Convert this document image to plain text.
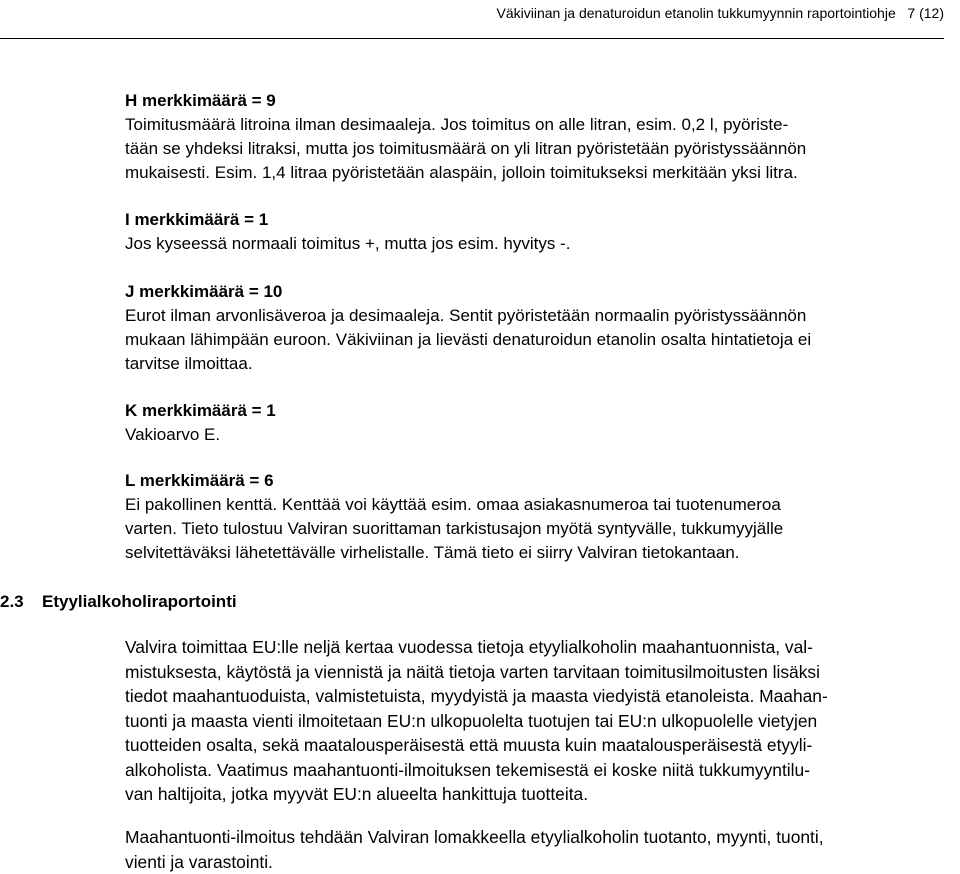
Väkiviinan ja denaturoidun etanolin tukkumyynnin raportointiohje 7 (12)

H merkkimäärä = 9

Toimitusmäärä litroina ilman desimaaleja. Jos toimitus on alle litran, esim. 0,2 l, pyöriste-
tään se yhdeksi litraksi, mutta jos toimitusmäärä on yli litran pyöristetään pyöristyssäännön
mukaisesti. Esim. 1,4 litraa pyöristetään alaspäin, jolloin toimitukseksi merkitään yksi litra.

I merkkimäärä = 1

Jos kyseessä normaali toimitus +, mutta jos esim. hyvitys -.

J merkkimäärä = 10

Eurot ilman arvonlisäveroa ja desimaaleja. Sentit pyöristetään normaalin pyöristyssäännön
mukaan lähimpään euroon. Väkiviinan ja lievästi denaturoidun etanolin osalta hintatietoja ei
tarvitse ilmoittaa.

K merkkimäärä = 1

Vakioarvo E.

L merkkimäärä = 6

Ei pakollinen kenttä. Kenttää voi käyttää esim. omaa asiakasnumeroa tai tuotenumeroa
varten. Tieto tulostuu Valviran suorittaman tarkistusajon myötä syntyvälle, tukkumyyjälle
selvitettäväksi lähetettävälle virhelistalle. Tämä tieto ei siirry Valviran tietokantaan.

2.3 Etyylialkoholiraportointi

Valvira toimittaa EU:lle neljä kertaa vuodessa tietoja etyylialkoholin maahantuonnista, val-
mistuksesta, käytöstä ja viennistä ja näitä tietoja varten tarvitaan toimitusilmoitusten lisäksi
tiedot maahantuoduista, valmistetuista, myydyistä ja maasta viedyistä etanoleista. Maahan-
tuonti ja maasta vienti ilmoitetaan EU:n ulkopuolelta tuotujen tai EU:n ulkopuolelle vietyjen
tuotteiden osalta, sekä maatalousperäisestä että muusta kuin maatalousperäisestä etyyli-
alkoholista. Vaatimus maahantuonti-ilmoituksen tekemisestä ei koske niitä tukkumyyntilu-
van haltijoita, jotka myyvät EU:n alueelta hankittuja tuotteita.

Maahantuonti-ilmoitus tehdään Valviran lomakkeella etyylialkoholin tuotanto, myynti, tuonti,
vienti ja varastointi.
